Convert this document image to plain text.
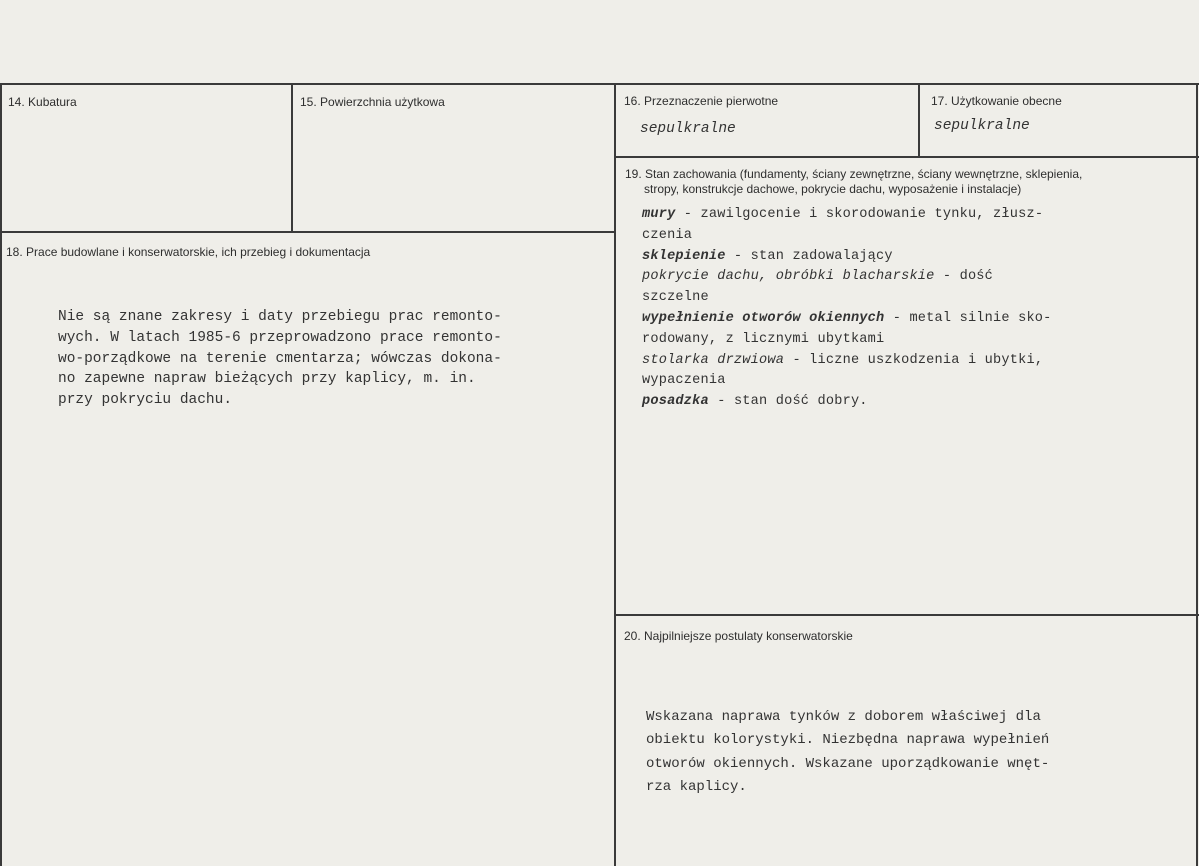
14. Kubatura	15. Powierzchnia użytkowa	16. Przeznaczenie pierwotne	17. Użytkowanie obecne
18. Prace budowlane i konserwatorskie, ich przebieg i dokumentacja
19. Stan zachowania (fundamenty, ściany zewnętrzne, ściany wewnętrzne, sklepienia,
stropy, konstrukcje dachowe, pokrycie dachu, wyposażenie i instalacje)
20. Najpilniejsze postulaty konserwatorskie
sepulkralne	sepulkralne

Nie są znane zakresy i daty przebiegu prac remonto-

wych. W latach 1985-6 przeprowadzono prace remonto-

wo-porządkowe na terenie cmentarza; wówczas dokona-

no zapewne napraw bieżących przy kaplicy, m. in.

przy pokryciu dachu.

mury - zawilgocenie i skorodowanie tynku, złusz-

czenia

sklepienie - stan zadowalający

pokrycie dachu, obróbki blacharskie - dość

szczelne

wypełnienie otworów okiennych - metal silnie sko-

rodowany, z licznymi ubytkami

stolarka drzwiowa - liczne uszkodzenia i ubytki,

wypaczenia

posadzka - stan dość dobry.

Wskazana naprawa tynków z doborem właściwej dla

obiektu kolorystyki. Niezbędna naprawa wypełnień

otworów okiennych. Wskazane uporządkowanie wnęt-

rza kaplicy.
